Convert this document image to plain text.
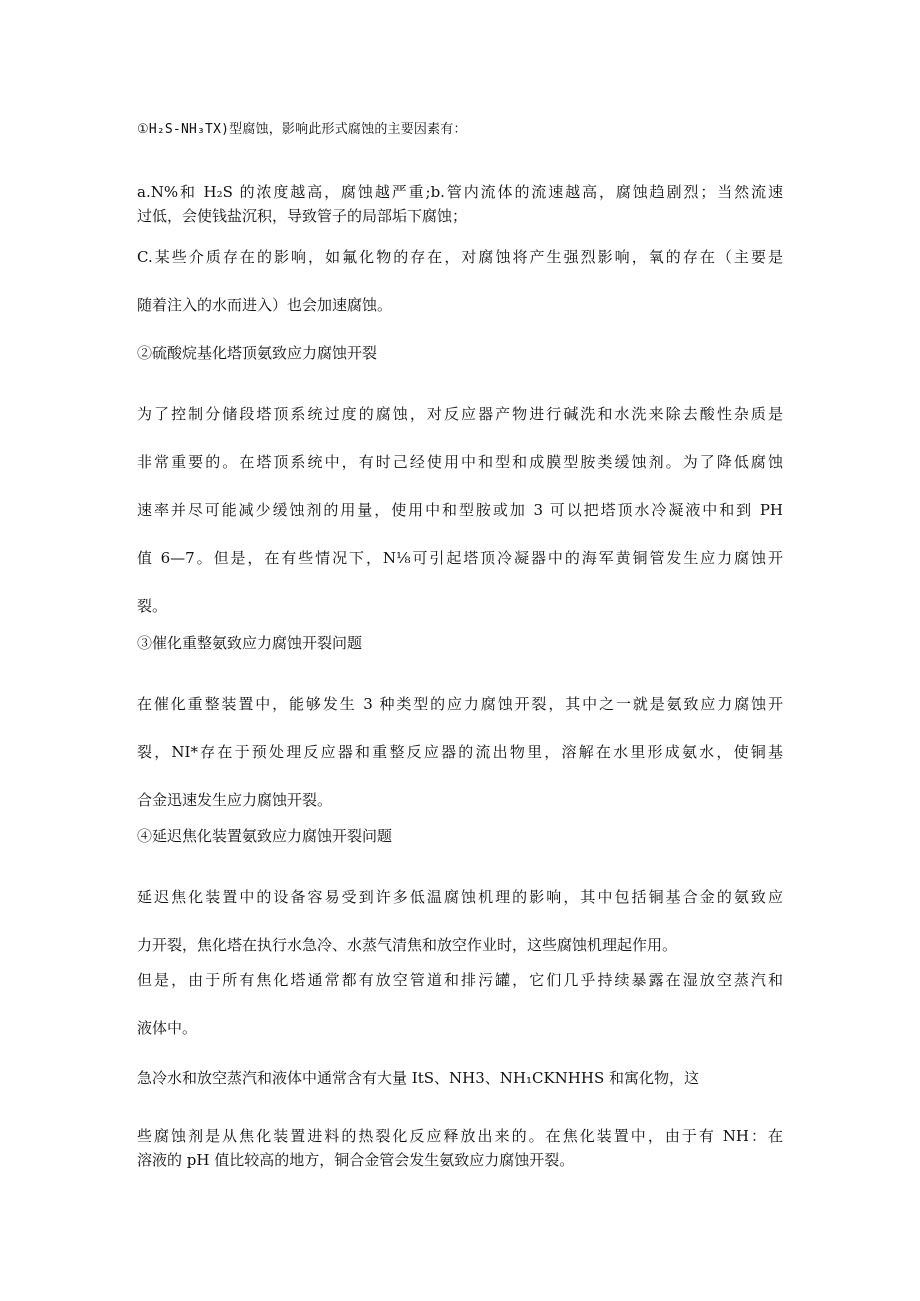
①H₂S-NH₃TX)型腐蚀，影响此形式腐蚀的主要因素有：
a.N%和 H₂S 的浓度越高，腐蚀越严重;b.管内流体的流速越高，腐蚀趋剧烈；当然流速
过低，会使钱盐沉积，导致管子的局部垢下腐蚀；
C.某些介质存在的影响，如氟化物的存在，对腐蚀将产生强烈影响，氧的存在（主要是
随着注入的水而进入）也会加速腐蚀。
②硫酸烷基化塔顶氨致应力腐蚀开裂
为了控制分储段塔顶系统过度的腐蚀，对反应器产物进行碱洗和水洗来除去酸性杂质是
非常重要的。在塔顶系统中，有时己经使用中和型和成膜型胺类缓蚀剂。为了降低腐蚀
速率并尽可能减少缓蚀剂的用量，使用中和型胺或加 3 可以把塔顶水冷凝液中和到 PH
值 6—7。但是，在有些情况下，N⅛可引起塔顶冷凝器中的海军黄铜管发生应力腐蚀开
裂。
③催化重整氨致应力腐蚀开裂问题
在催化重整装置中，能够发生 3 种类型的应力腐蚀开裂，其中之一就是氨致应力腐蚀开
裂，NI*存在于预处理反应器和重整反应器的流出物里，溶解在水里形成氨水，使铜基
合金迅速发生应力腐蚀开裂。
④延迟焦化装置氨致应力腐蚀开裂问题
延迟焦化装置中的设备容易受到许多低温腐蚀机理的影响，其中包括铜基合金的氨致应
力开裂，焦化塔在执行水急冷、水蒸气清焦和放空作业时，这些腐蚀机理起作用。
但是，由于所有焦化塔通常都有放空管道和排污罐，它们几乎持续暴露在湿放空蒸汽和
液体中。
急冷水和放空蒸汽和液体中通常含有大量 ItS、NH3、NH₁CKNHHS 和寓化物，这
些腐蚀剂是从焦化装置进料的热裂化反应释放出来的。在焦化装置中，由于有 NH：在
溶液的 pH 值比较高的地方，铜合金管会发生氨致应力腐蚀开裂。
